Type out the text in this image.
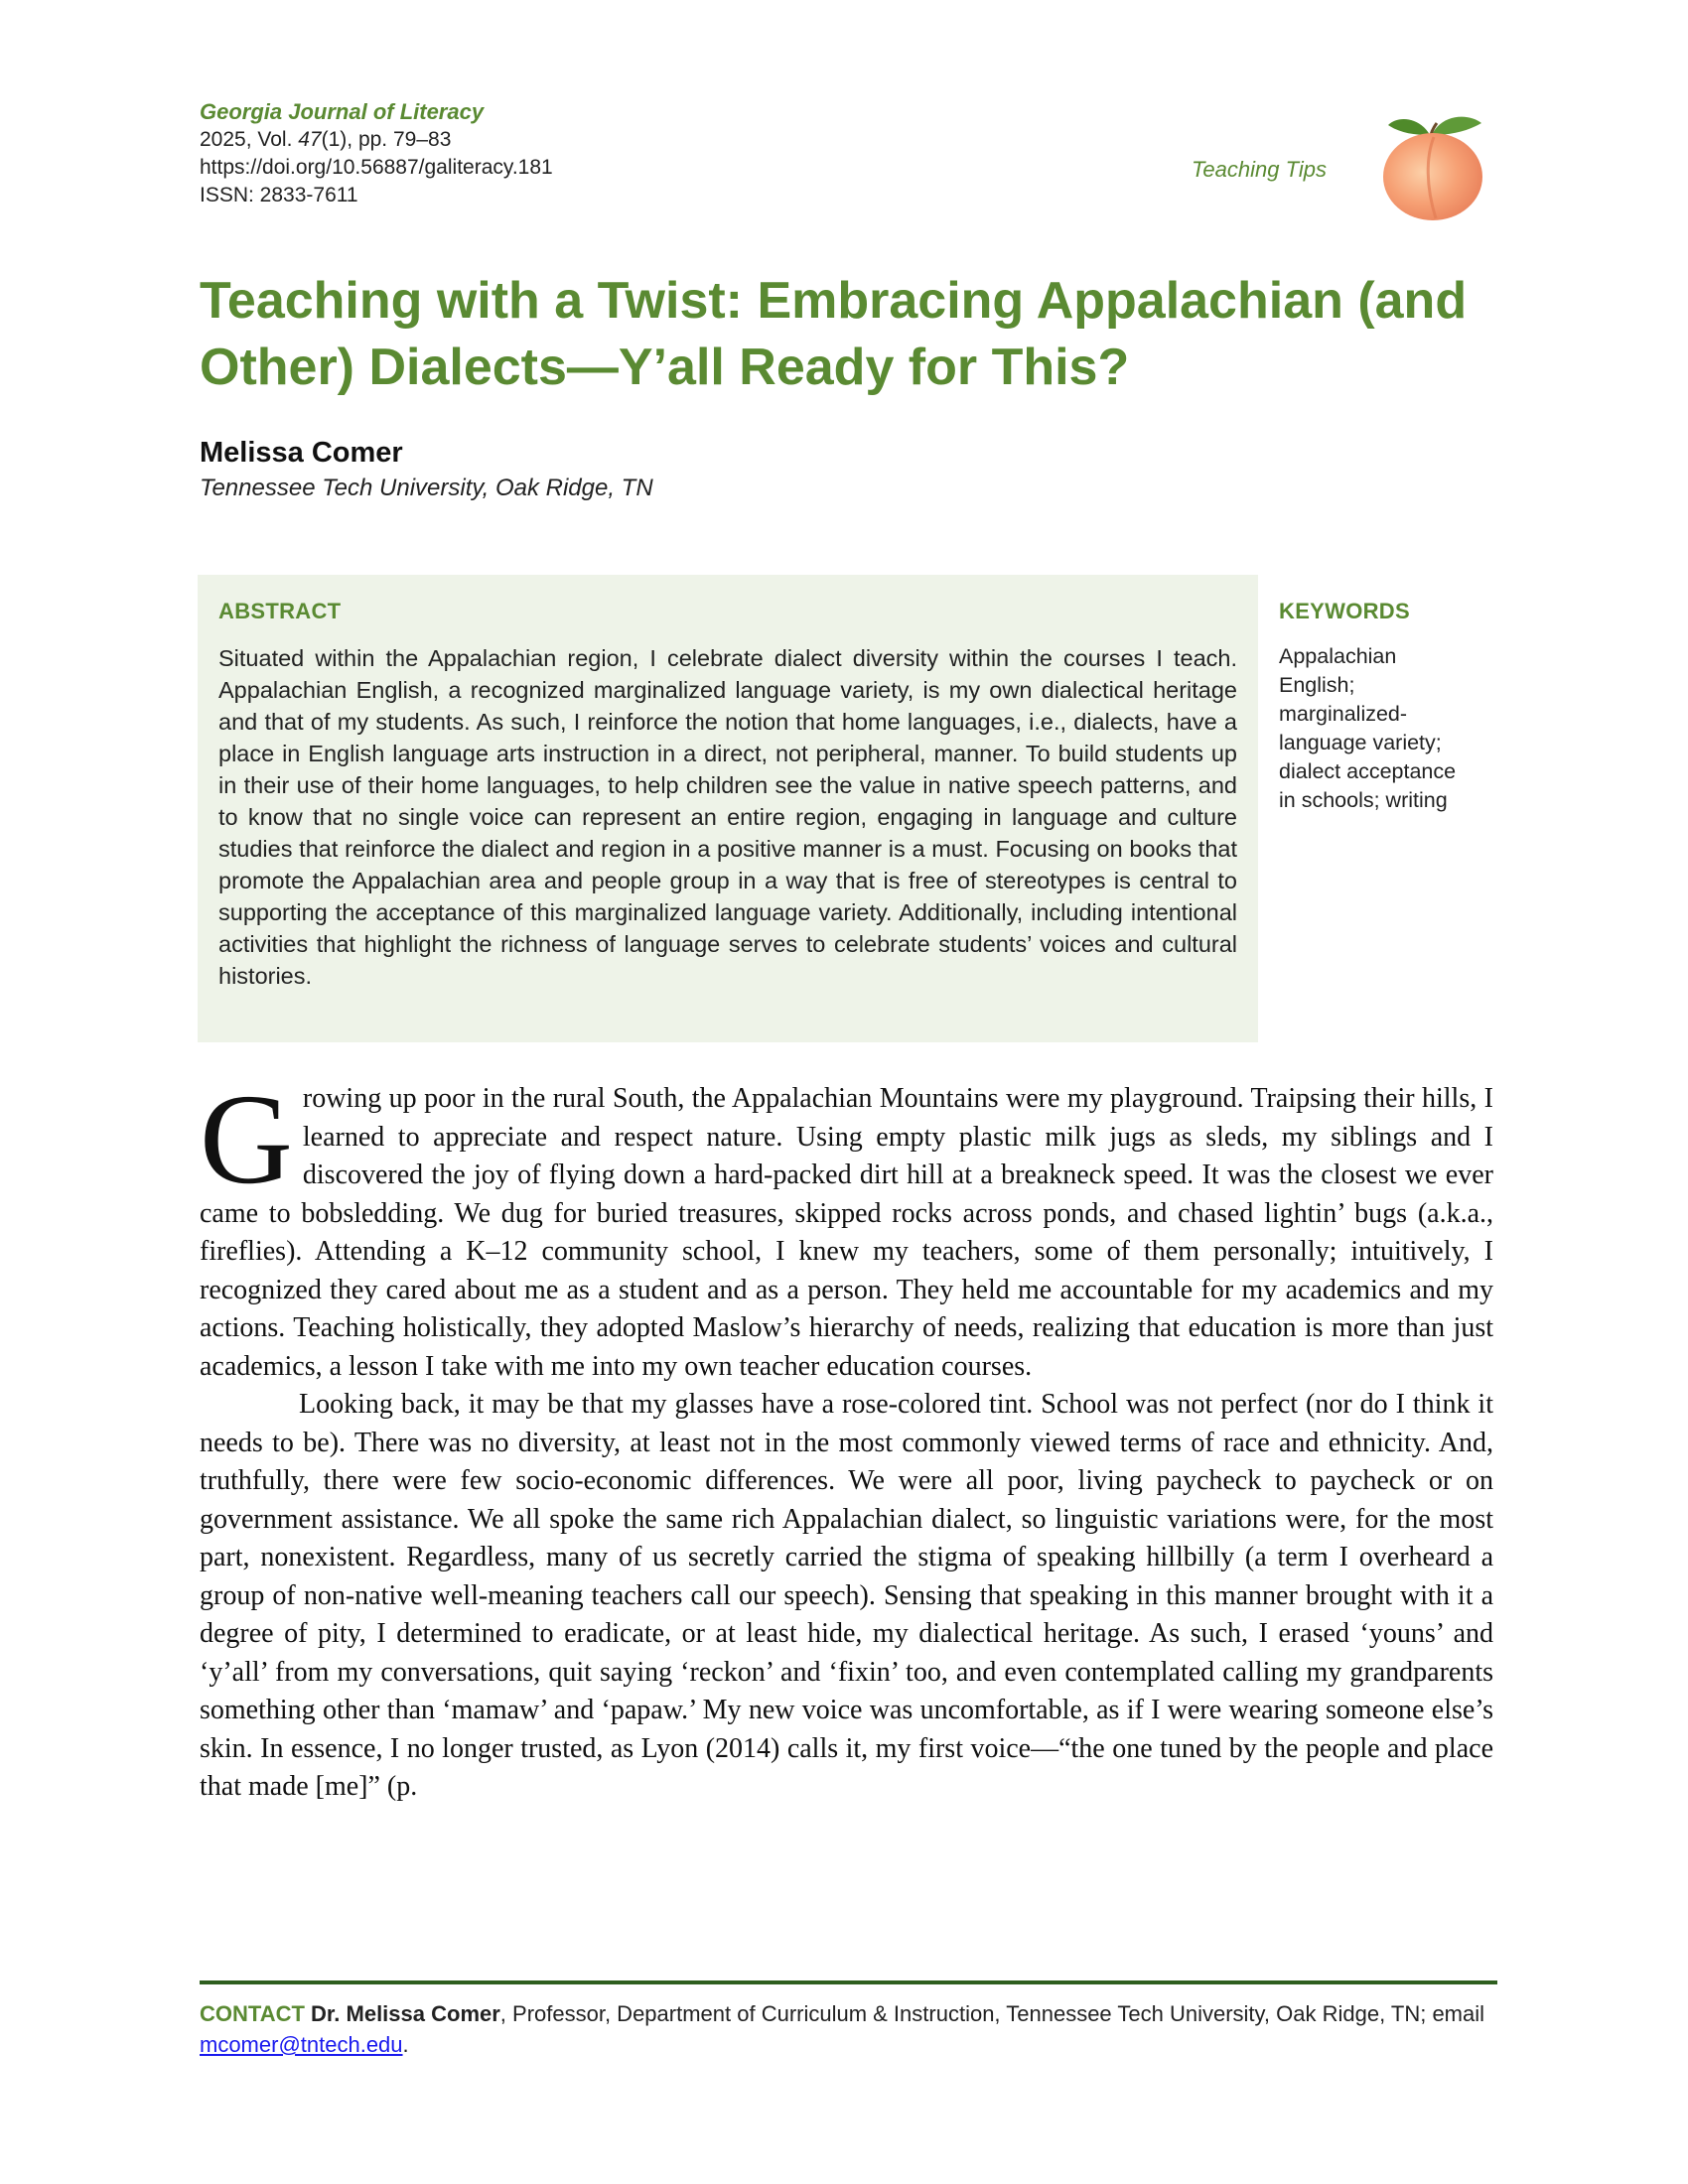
Georgia Journal of Literacy
2025, Vol. 47(1), pp. 79–83
https://doi.org/10.56887/galiteracy.181
ISSN: 2833-7611
Teaching Tips
Teaching with a Twist: Embracing Appalachian (and Other) Dialects—Y’all Ready for This?
Melissa Comer
Tennessee Tech University, Oak Ridge, TN
ABSTRACT
Situated within the Appalachian region, I celebrate dialect diversity within the courses I teach. Appalachian English, a recognized marginalized language variety, is my own dialectical heritage and that of my students. As such, I reinforce the notion that home languages, i.e., dialects, have a place in English language arts instruction in a direct, not peripheral, manner. To build students up in their use of their home languages, to help children see the value in native speech patterns, and to know that no single voice can represent an entire region, engaging in language and culture studies that reinforce the dialect and region in a positive manner is a must. Focusing on books that promote the Appalachian area and people group in a way that is free of stereotypes is central to supporting the acceptance of this marginalized language variety. Additionally, including intentional activities that highlight the richness of language serves to celebrate students’ voices and cultural histories.
KEYWORDS
Appalachian English; marginalized-language variety; dialect acceptance in schools; writing

Growing up poor in the rural South, the Appalachian Mountains were my playground. Traipsing their hills, I learned to appreciate and respect nature. Using empty plastic milk jugs as sleds, my siblings and I discovered the joy of flying down a hard-packed dirt hill at a breakneck speed. It was the closest we ever came to bobsledding. We dug for buried treasures, skipped rocks across ponds, and chased lightin’ bugs (a.k.a., fireflies). Attending a K–12 community school, I knew my teachers, some of them personally; intuitively, I recognized they cared about me as a student and as a person. They held me accountable for my academics and my actions. Teaching holistically, they adopted Maslow’s hierarchy of needs, realizing that education is more than just academics, a lesson I take with me into my own teacher education courses.

Looking back, it may be that my glasses have a rose-colored tint. School was not perfect (nor do I think it needs to be). There was no diversity, at least not in the most commonly viewed terms of race and ethnicity. And, truthfully, there were few socio-economic differences. We were all poor, living paycheck to paycheck or on government assistance. We all spoke the same rich Appalachian dialect, so linguistic variations were, for the most part, nonexistent. Regardless, many of us secretly carried the stigma of speaking hillbilly (a term I overheard a group of non-native well-meaning teachers call our speech). Sensing that speaking in this manner brought with it a degree of pity, I determined to eradicate, or at least hide, my dialectical heritage. As such, I erased ‘youns’ and ‘y’all’ from my conversations, quit saying ‘reckon’ and ‘fixin’ too, and even contemplated calling my grandparents something other than ‘mamaw’ and ‘papaw.’ My new voice was uncomfortable, as if I were wearing someone else’s skin. In essence, I no longer trusted, as Lyon (2014) calls it, my first voice—“the one tuned by the people and place that made [me]” (p.

CONTACT Dr. Melissa Comer, Professor, Department of Curriculum & Instruction, Tennessee Tech University, Oak Ridge, TN; email mcomer@tntech.edu.
